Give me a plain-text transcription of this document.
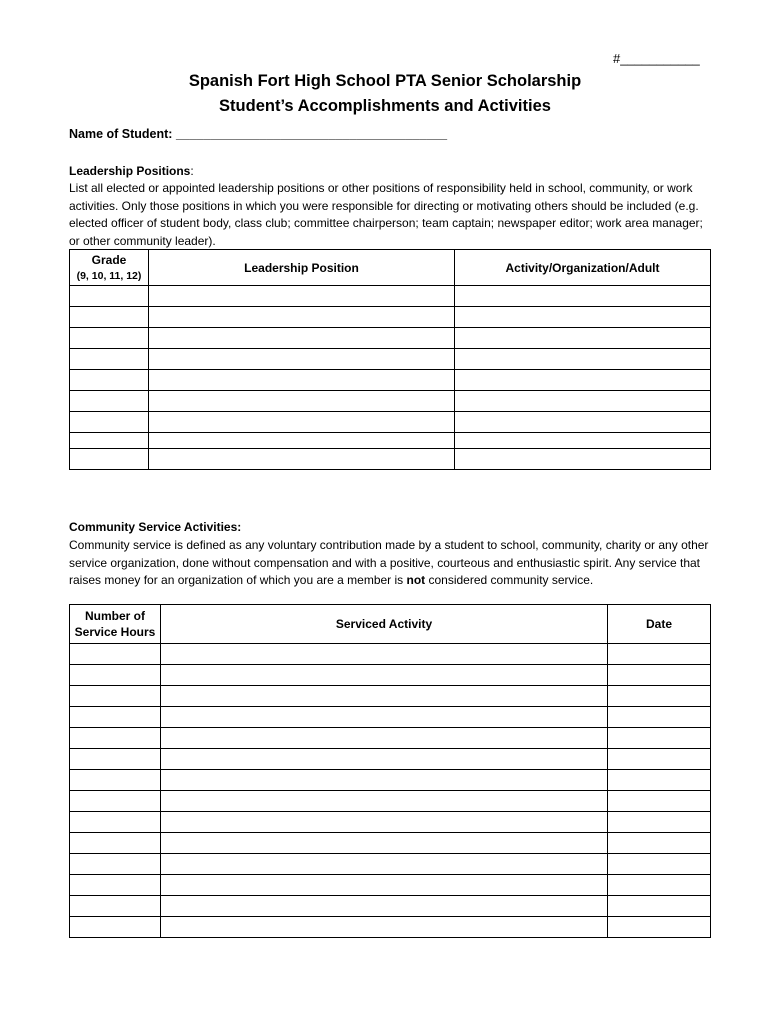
#___________
Spanish Fort High School PTA Senior Scholarship
Student’s Accomplishments and Activities
Name of Student: _______________________________________
Leadership Positions:
List all elected or appointed leadership positions or other positions of responsibility held in school, community, or work activities. Only those positions in which you were responsible for directing or motivating others should be included (e.g. elected officer of student body, class club; committee chairperson; team captain; newspaper editor; work area manager; or other community leader).
Grade
(9, 10, 11, 12)	Leadership Position	Activity/Organization/Adult

Community Service Activities:
Community service is defined as any voluntary contribution made by a student to school, community, charity or any other service organization, done without compensation and with a positive, courteous and enthusiastic spirit. Any service that raises money for an organization of which you are a member is not considered community service.
Number of
Service Hours	Serviced Activity	Date
